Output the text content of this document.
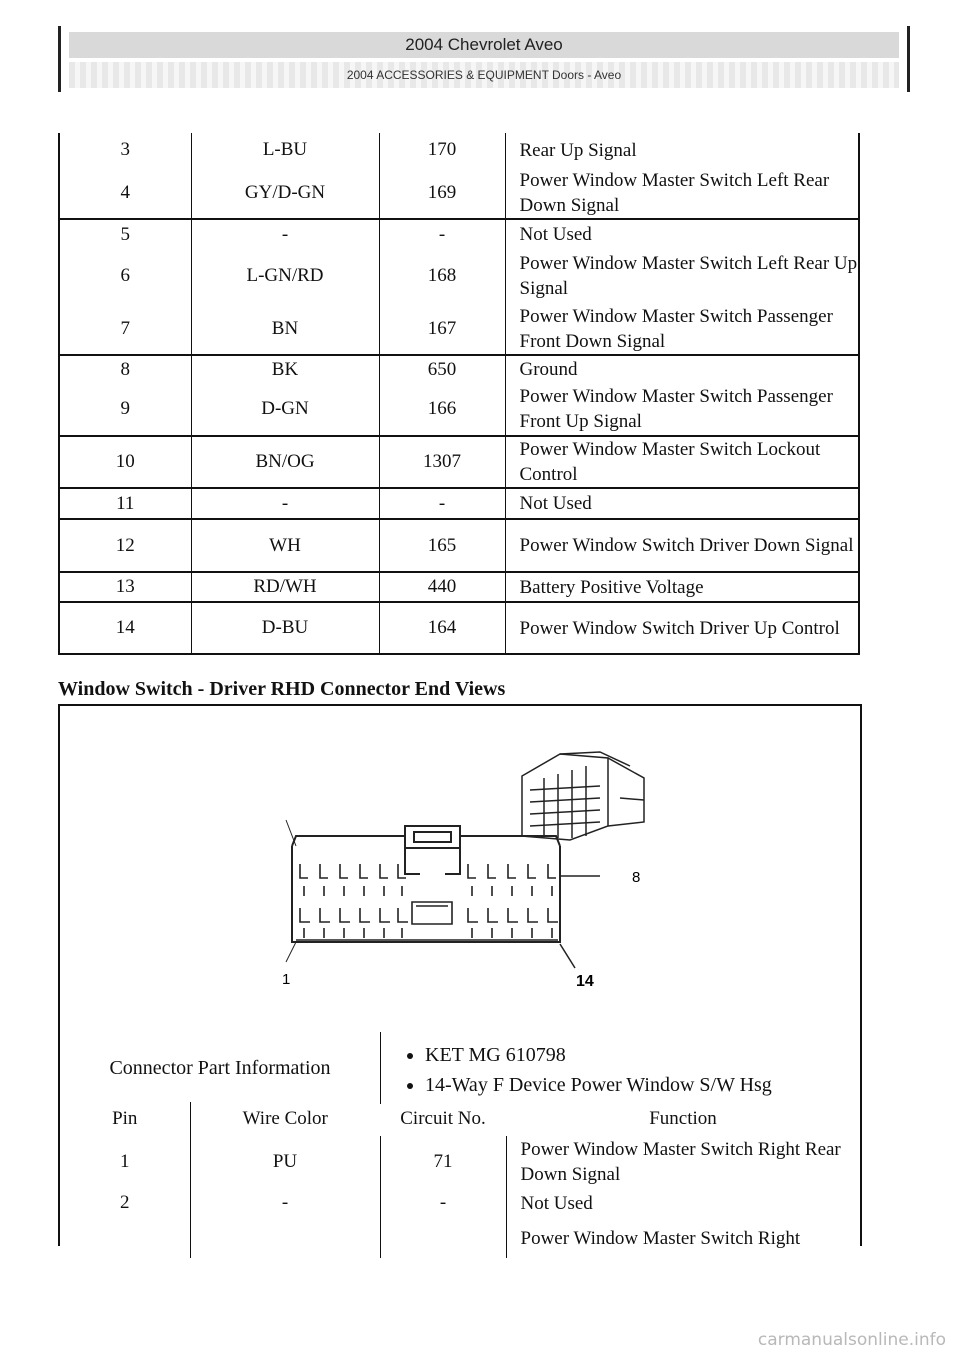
2004 Chevrolet Aveo
2004 ACCESSORIES & EQUIPMENT Doors - Aveo
3	L-BU	170	Rear Up Signal
4	GY/D-GN	169	Power Window Master Switch Left Rear Down Signal
5	-	-	Not Used
6	L-GN/RD	168	Power Window Master Switch Left Rear Up Signal
7	BN	167	Power Window Master Switch Passenger Front Down Signal
8	BK	650	Ground
9	D-GN	166	Power Window Master Switch Passenger Front Up Signal
10	BN/OG	1307	Power Window Master Switch Lockout Control
11	-	-	Not Used
12	WH	165	Power Window Switch Driver Down Signal
13	RD/WH	440	Battery Positive Voltage
14	D-BU	164	Power Window Switch Driver Up Control
Window Switch - Driver RHD Connector End Views
1
8
14
Connector Part Information
• KET MG 610798
• 14-Way F Device Power Window S/W Hsg
Pin	Wire Color	Circuit No.	Function
1	PU	71	Power Window Master Switch Right Rear Down Signal
2	-	-	Not Used
			Power Window Master Switch Right
carmanualsonline.info
